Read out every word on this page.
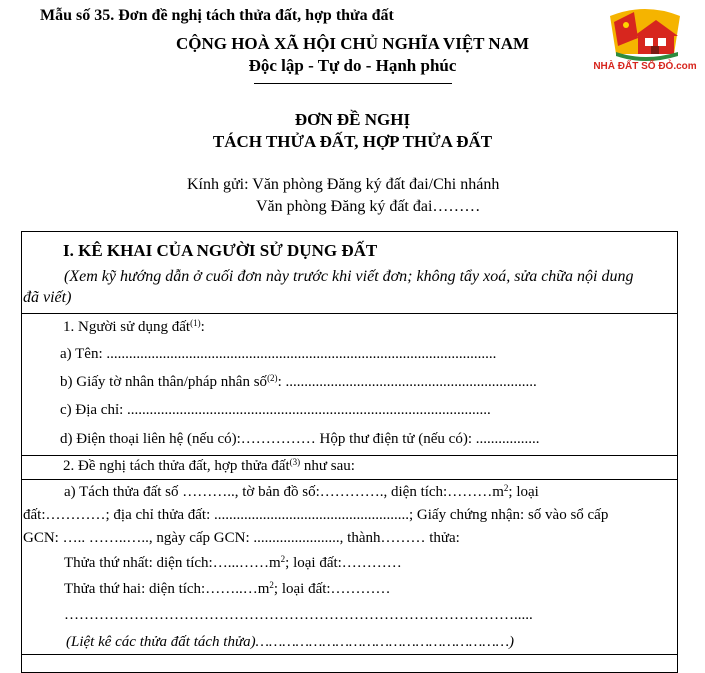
Mẫu số 35. Đơn đề nghị tách thửa đất, hợp thửa đất
CỘNG HOÀ XÃ HỘI CHỦ NGHĨA VIỆT NAM
Độc lập - Tự do - Hạnh phúc	NHÀ ĐẤT SỔ ĐỎ.com
ĐƠN ĐỀ NGHỊ
TÁCH THỬA ĐẤT, HỢP THỬA ĐẤT
Kính gửi: Văn phòng Đăng ký đất đai/Chi nhánh
Văn phòng Đăng ký đất đai………
I. KÊ KHAI CỦA NGƯỜI SỬ DỤNG ĐẤT
(Xem kỹ hướng dẫn ở cuối đơn này trước khi viết đơn; không tẩy xoá, sửa chữa nội dung
đã viết)
1. Người sử dụng đất$^{(1)}$:
a) Tên: ........................................................................................................
b) Giấy tờ nhân thân/pháp nhân số$^{(2)}$: ...................................................................
c) Địa chỉ: .................................................................................................
d) Điện thoại liên hệ (nếu có):…………… Hộp thư điện tử (nếu có): .................
2. Đề nghị tách thửa đất, hợp thửa đất$^{(3)}$ như sau:
a) Tách thửa đất số ……….., tờ bản đồ số:…………., diện $tích:\dots\dots\dots m^2$; loại
đất:…………; địa chỉ thửa đất: ....................................................; Giấy chứng nhận: số vào sổ cấp
GCN: ….. ……..….., ngày cấp GCN: ......................., thành……… thửa:
Thửa thứ nhất: diện $tích:\dots...\dots\dots m^2$; loại đất:…………
Thửa thứ hai: diện $tích:\dots\dots..\dots m^2$; loại đất:…………
……………………………………………………………………………….....
(Liệt kê các thửa đất tách thửa)…………………………………………………)
